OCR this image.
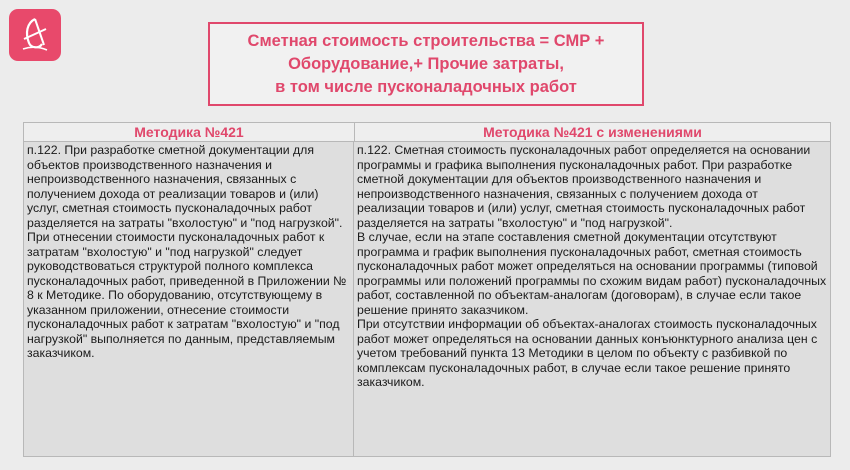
Сметная стоимость строительства = СМР +
Оборудование,+ Прочие затраты,
в том числе пусконаладочных работ
Методика №421	Методика №421 с изменениями

п.122. При разработке сметной документации для объектов производственного назначения и непроизводственного назначения, связанных с получением дохода от реализации товаров и (или) услуг, сметная стоимость пусконаладочных работ разделяется на затраты "вхолостую" и "под нагрузкой".

При отнесении стоимости пусконаладочных работ к затратам "вхолостую" и "под нагрузкой" следует руководствоваться структурой полного комплекса пусконаладочных работ, приведенной в Приложении № 8 к Методике. По оборудованию, отсутствующему в указанном приложении, отнесение стоимости пусконаладочных работ к затратам "вхолостую" и "под нагрузкой" выполняется по данным, представляемым заказчиком.

п.122. Сметная стоимость пусконаладочных работ определяется на основании программы и графика выполнения пусконаладочных работ. При разработке сметной документации для объектов производственного назначения и непроизводственного назначения, связанных с получением дохода от реализации товаров и (или) услуг, сметная стоимость пусконаладочных работ разделяется на затраты "вхолостую" и "под нагрузкой".

В случае, если на этапе составления сметной документации отсутствуют программа и график выполнения пусконаладочных работ, сметная стоимость пусконаладочных работ может определяться на основании программы (типовой программы или положений программы по схожим видам работ) пусконаладочных работ, составленной по объектам-аналогам (договорам), в случае если такое решение принято заказчиком.

При отсутствии информации об объектах-аналогах стоимость пусконаладочных работ может определяться на основании данных конъюнктурного анализа цен с учетом требований пункта 13 Методики в целом по объекту с разбивкой по комплексам пусконаладочных работ, в случае если такое решение принято заказчиком.
